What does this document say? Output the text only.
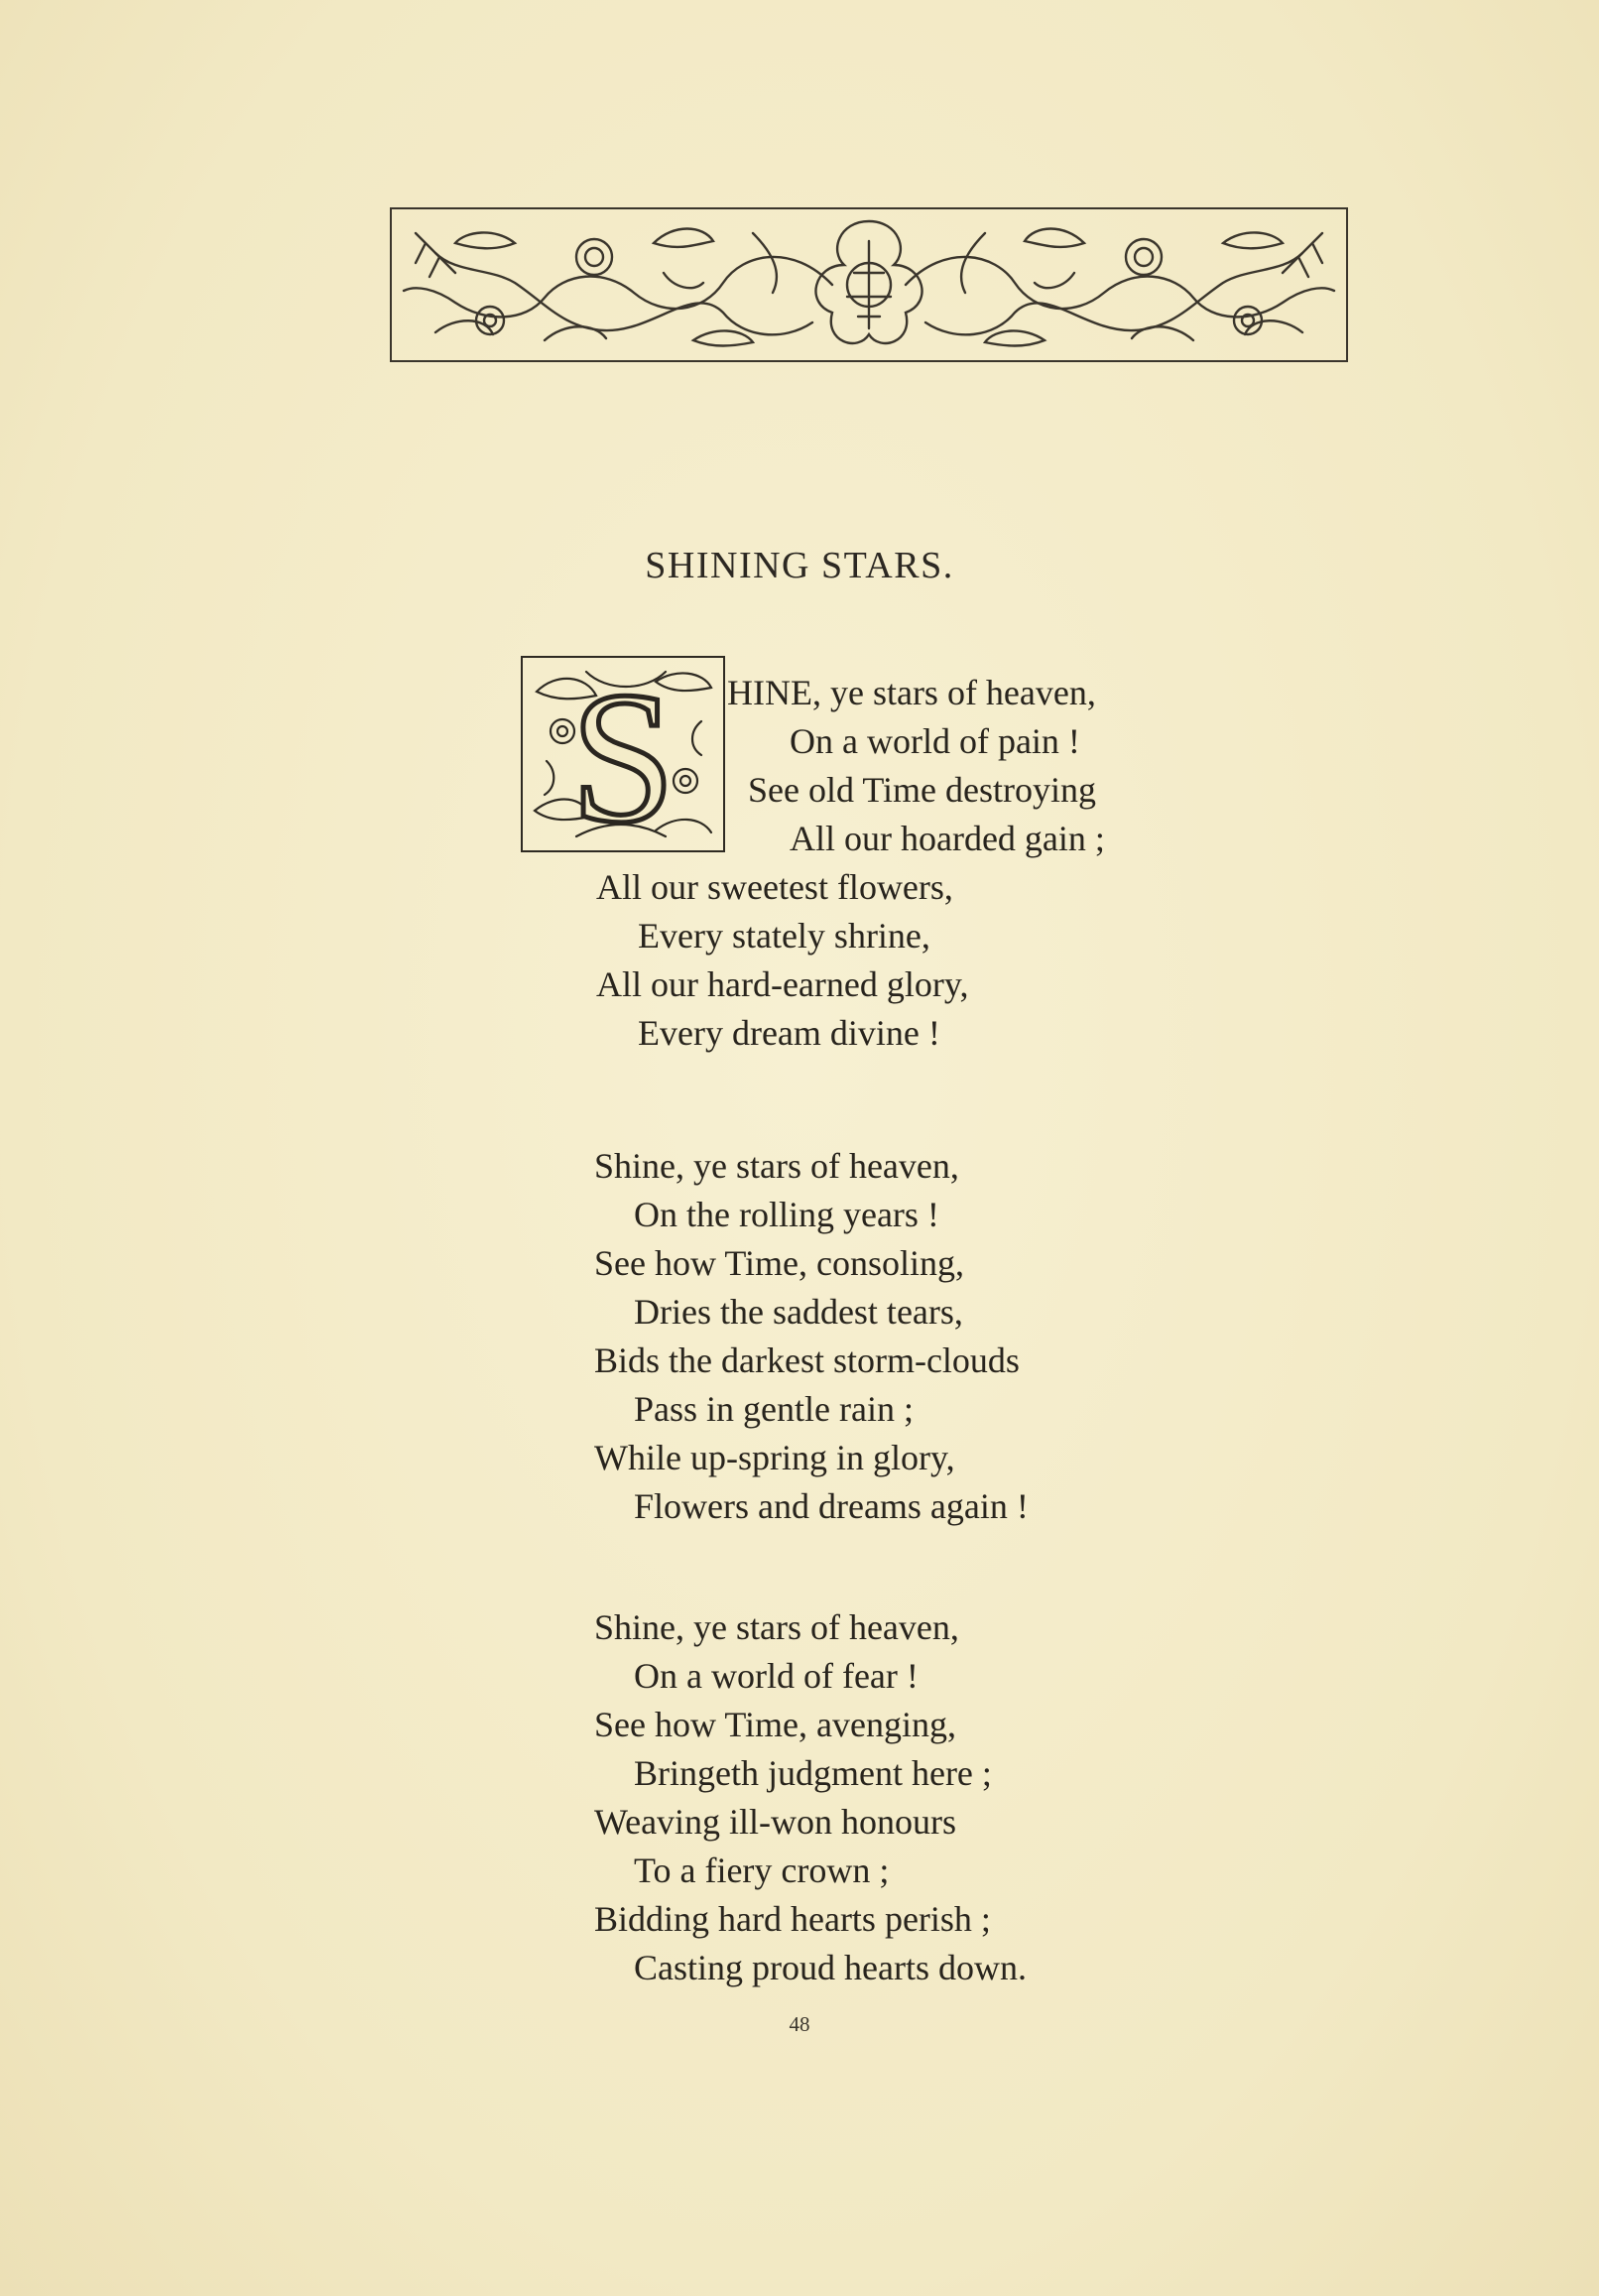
SHINING STARS.
S HINE, ye stars of heaven,
On a world of pain !
See old Time destroying
All our hoarded gain ;
All our sweetest flowers,
Every stately shrine,
All our hard-earned glory,
Every dream divine !
Shine, ye stars of heaven,
On the rolling years !
See how Time, consoling,
Dries the saddest tears,
Bids the darkest storm-clouds
Pass in gentle rain ;
While up-spring in glory,
Flowers and dreams again !
Shine, ye stars of heaven,
On a world of fear !
See how Time, avenging,
Bringeth judgment here ;
Weaving ill-won honours
To a fiery crown ;
Bidding hard hearts perish ;
Casting proud hearts down.
48
